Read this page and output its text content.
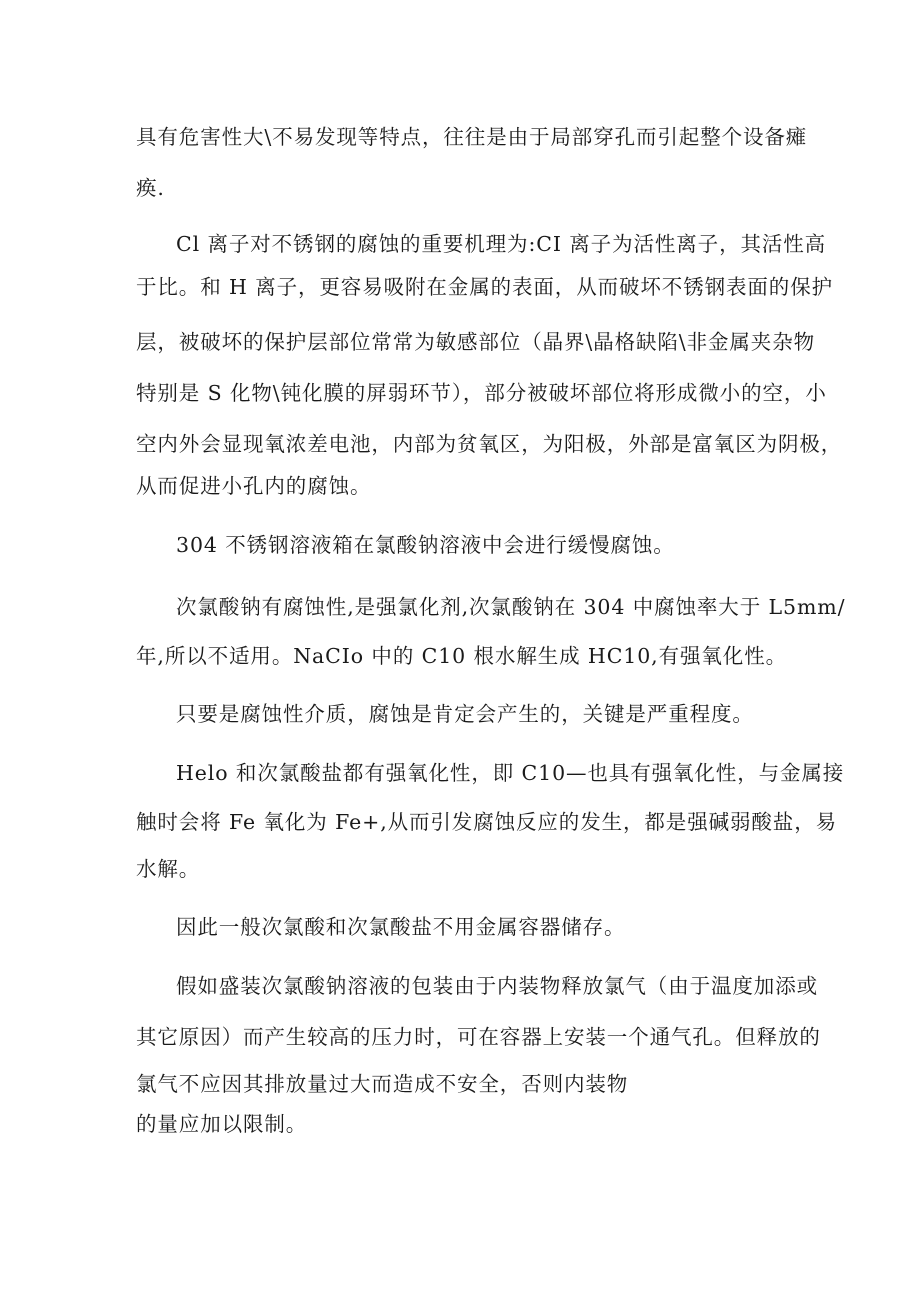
具有危害性大\不易发现等特点，往往是由于局部穿孔而引起整个设备瘫
痪.
Cl 离子对不锈钢的腐蚀的重要机理为:CI 离子为活性离子，其活性高
于比。和 H 离子，更容易吸附在金属的表面，从而破坏不锈钢表面的保护
层，被破坏的保护层部位常常为敏感部位（晶界\晶格缺陷\非金属夹杂物
特别是 S 化物\钝化膜的屏弱环节），部分被破坏部位将形成微小的空，小
空内外会显现氧浓差电池，内部为贫氧区，为阳极，外部是富氧区为阴极，
从而促进小孔内的腐蚀。
304 不锈钢溶液箱在氯酸钠溶液中会进行缓慢腐蚀。
次氯酸钠有腐蚀性,是强氯化剂,次氯酸钠在 304 中腐蚀率大于 L5mm/
年,所以不适用。NaCIo 中的 C10 根水解生成 HC10,有强氧化性。
只要是腐蚀性介质，腐蚀是肯定会产生的，关键是严重程度。
Helo 和次氯酸盐都有强氧化性，即 C10—也具有强氧化性，与金属接
触时会将 Fe 氧化为 Fe+,从而引发腐蚀反应的发生，都是强碱弱酸盐，易
水解。
因此一般次氯酸和次氯酸盐不用金属容器储存。
假如盛装次氯酸钠溶液的包装由于内装物释放氯气（由于温度加添或
其它原因）而产生较高的压力时，可在容器上安装一个通气孔。但释放的
氯气不应因其排放量过大而造成不安全，否则内装物
的量应加以限制。
